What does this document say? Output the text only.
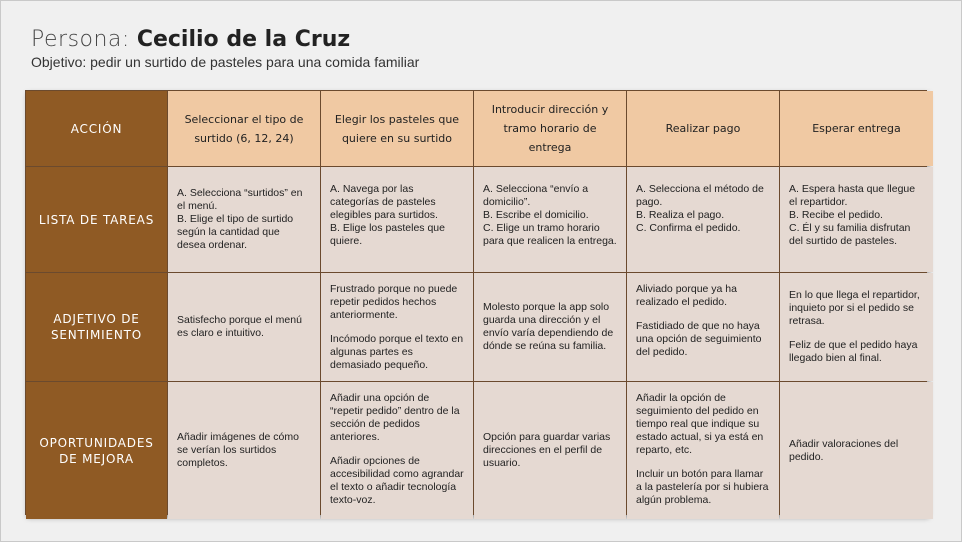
Persona: Cecilio de la Cruz
Objetivo: pedir un surtido de pasteles para una comida familiar
ACCIÓN
Seleccionar el tipo de surtido (6, 12, 24)
Elegir los pasteles que quiere en su surtido
Introducir dirección y tramo horario de entrega
Realizar pago	Esperar entrega
LISTA DE TAREAS

A. Selecciona “surtidos” en el menú.
B. Elige el tipo de surtido según la cantidad que desea ordenar.

A. Navega por las categorías de pasteles elegibles para surtidos.
B. Elige los pasteles que quiere.

A. Selecciona “envío a domicilio”.
B. Escribe el domicilio.
C. Elige un tramo horario para que realicen la entrega.

A. Selecciona el método de pago.
B. Realiza el pago.
C. Confirma el pedido.

A. Espera hasta que llegue el repartidor.
B. Recibe el pedido.
C. Él y su familia disfrutan del surtido de pasteles.

ADJETIVO DE SENTIMIENTO

Satisfecho porque el menú es claro e intuitivo.

Frustrado porque no puede repetir pedidos hechos anteriormente.

Incómodo porque el texto en algunas partes es demasiado pequeño.

Molesto porque la app solo guarda una dirección y el envío varía dependiendo de dónde se reúna su familia.

Aliviado porque ya ha realizado el pedido.

Fastidiado de que no haya una opción de seguimiento del pedido.

En lo que llega el repartidor, inquieto por si el pedido se retrasa.

Feliz de que el pedido haya llegado bien al final.

OPORTUNIDADES DE MEJORA

Añadir imágenes de cómo se verían los surtidos completos.

Añadir una opción de “repetir pedido” dentro de la sección de pedidos anteriores.

Añadir opciones de accesibilidad como agrandar el texto o añadir tecnología texto-voz.

Opción para guardar varias direcciones en el perfil de usuario.

Añadir la opción de seguimiento del pedido en tiempo real que indique su estado actual, si ya está en reparto, etc.

Incluir un botón para llamar a la pastelería por si hubiera algún problema.

Añadir valoraciones del pedido.
